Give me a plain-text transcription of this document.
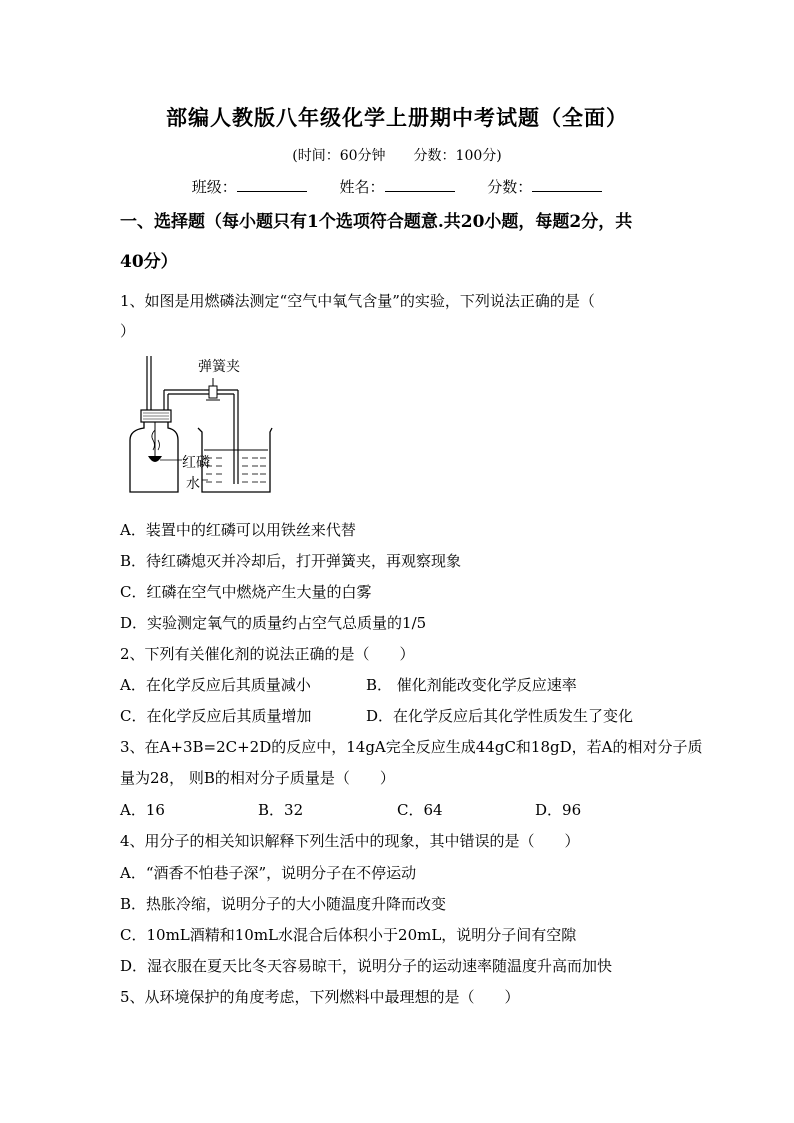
部编人教版八年级化学上册期中考试题（全面）
(时间：60分钟 分数：100分)
班级：	姓名：	分数：
一、选择题（每小题只有1个选项符合题意.共20小题，每题2分，共
40分）
1、如图是用燃磷法测定“空气中氧气含量”的实验，下列说法正确的是（
）
弹簧夹
红磷
水
A．装置中的红磷可以用铁丝来代替
B．待红磷熄灭并冷却后，打开弹簧夹，再观察现象
C．红磷在空气中燃烧产生大量的白雾
D．实验测定氧气的质量约占空气总质量的1/5
2、下列有关催化剂的说法正确的是（　　）
A．在化学反应后其质量减小	B． 催化剂能改变化学反应速率
C．在化学反应后其质量增加	D．在化学反应后其化学性质发生了变化
3、在A+3B=2C+2D的反应中，14gA完全反应生成44gC和18gD，若A的相对分子质
量为28， 则B的相对分子质量是（　　）
A．16	B．32	C．64	D．96
4、用分子的相关知识解释下列生活中的现象，其中错误的是（　　）
A．“酒香不怕巷子深”，说明分子在不停运动
B．热胀冷缩，说明分子的大小随温度升降而改变
C．10mL酒精和10mL水混合后体积小于20mL，说明分子间有空隙
D．湿衣服在夏天比冬天容易晾干，说明分子的运动速率随温度升高而加快
5、从环境保护的角度考虑，下列燃料中最理想的是（　　）
